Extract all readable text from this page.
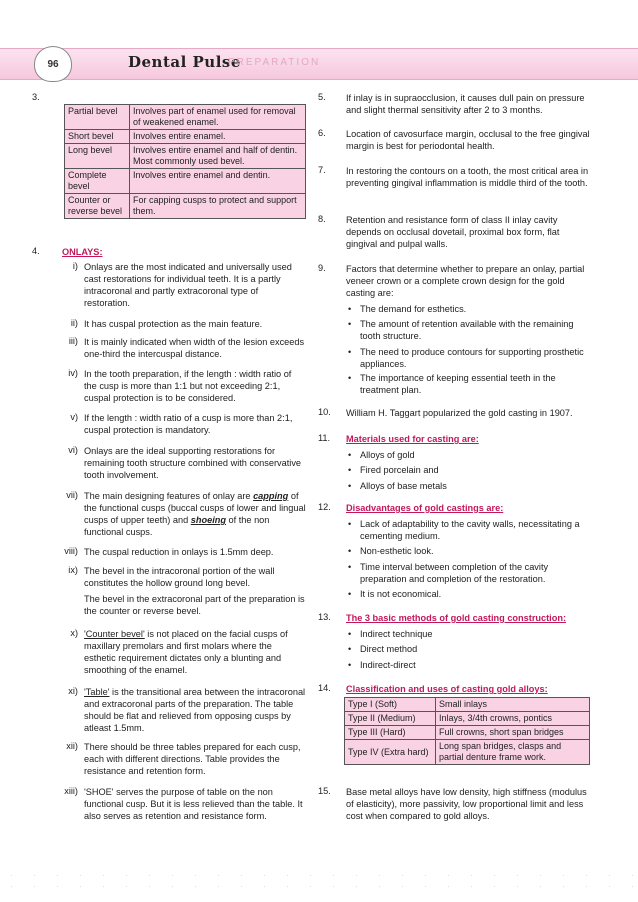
96	Dental Pulse
PREPARATION
3.
Partial bevel	Involves part of enamel used for removal of weakened enamel.
Short bevel	Involves entire enamel.
Long bevel	Involves entire enamel and half of dentin. Most commonly used bevel.
Complete bevel	Involves entire enamel and dentin.
Counter or reverse bevel	For capping cusps to protect and support them.
4. ONLAYS:
i) Onlays are the most indicated and universally used cast restorations for individual teeth. It is a partly intracoronal and partly extracoronal type of restoration.
ii) It has cuspal protection as the main feature.
iii) It is mainly indicated when width of the lesion exceeds one-third the intercuspal distance.
iv) In the tooth preparation, if the length : width ratio of the cusp is more than 1:1 but not exceeding 2:1, cuspal protection is to be considered.
v) If the length : width ratio of a cusp is more than 2:1, cuspal protection is mandatory.
vi) Onlays are the ideal supporting restorations for remaining tooth structure combined with conservative tooth involvement.
vii) The main designing features of onlay are capping of the functional cusps (buccal cusps of lower and lingual cusps of upper teeth) and shoeing of the non functional cusps.
viii) The cuspal reduction in onlays is 1.5mm deep.
ix) The bevel in the intracoronal portion of the wall constitutes the hollow ground long bevel.
The bevel in the extracoronal part of the preparation is the counter or reverse bevel.
x) 'Counter bevel' is not placed on the facial cusps of maxillary premolars and first molars where the esthetic requirement dictates only a blunting and smoothing of the enamel.
xi) 'Table' is the transitional area between the intracoronal and extracoronal parts of the preparation. The table should be flat and relieved from opposing cusps by atleast 1.5mm.
xii) There should be three tables prepared for each cusp, each with different directions. Table provides the resistance and retention form.
xiii) 'SHOE' serves the purpose of table on the non functional cusp. But it is less relieved than the table. It also serves as retention and resistance form.
5. If inlay is in supraocclusion, it causes dull pain on pressure and slight thermal sensitivity after 2 to 3 months.
6. Location of cavosurface margin, occlusal to the free gingival margin is best for periodontal health.
7. In restoring the contours on a tooth, the most critical area in preventing gingival inflammation is middle third of the tooth.
8. Retention and resistance form of class II inlay cavity depends on occlusal dovetail, proximal box form, flat gingival and pulpal walls.
9. Factors that determine whether to prepare an onlay, partial veneer crown or a complete crown design for the gold casting are:
• The demand for esthetics.
• The amount of retention available with the remaining tooth structure.
• The need to produce contours for supporting prosthetic appliances.
• The importance of keeping essential teeth in the treatment plan.
10. William H. Taggart popularized the gold casting in 1907.
11. Materials used for casting are:
• Alloys of gold
• Fired porcelain and
• Alloys of base metals
12. Disadvantages of gold castings are:
• Lack of adaptability to the cavity walls, necessitating a cementing medium.
• Non-esthetic look.
• Time interval between completion of the cavity preparation and completion of the restoration.
• It is not economical.
13. The 3 basic methods of gold casting construction:
• Indirect technique
• Direct method
• Indirect-direct
14. Classification and uses of casting gold alloys:
Type I (Soft)	Small inlays
Type II (Medium)	Inlays, 3/4th crowns, pontics
Type III (Hard)	Full crowns, short span bridges
Type IV (Extra hard)	Long span bridges, clasps and partial denture frame work.
15. Base metal alloys have low density, high stiffness (modulus of elasticity), more passivity, low proportional limit and less cost when compared to gold alloys.
